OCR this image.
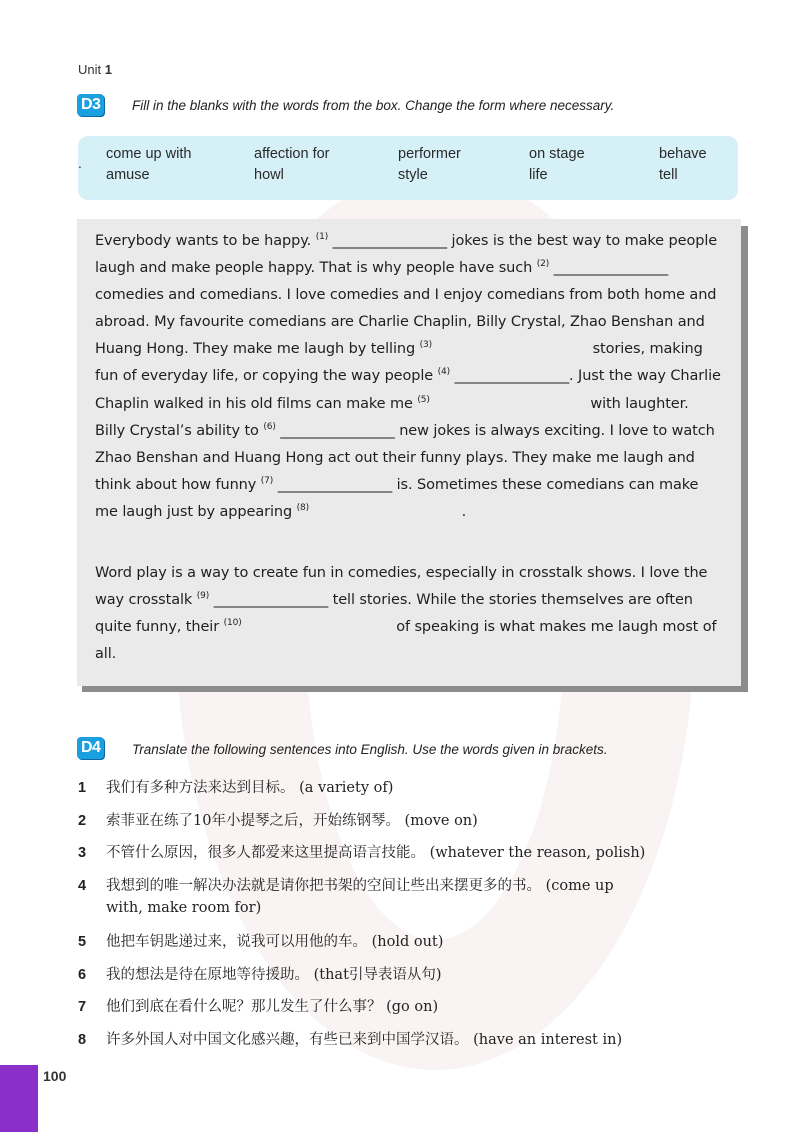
Unit 1
D3 Fill in the blanks with the words from the box. Change the form where necessary.
.
come up with	affection for	performer	on stage	behave
amuse	howl	style	life	tell

Everybody wants to be happy. $^{(1)}$ ________________ jokes is the best way to make people laugh and make people happy. That is why people have such $^{(2)}$ ________________ comedies and comedians. I love comedies and I enjoy comedians from both home and abroad. My favourite comedians are Charlie Chaplin, Billy Crystal, Zhao Benshan and Huang Hong. They make me laugh by telling $^{(3)}$	stories, making fun of everyday life, or copying the way people $^{(4)}$ ________________. Just the way Charlie Chaplin walked in his old films can make me $^{(5)}$	with laughter. Billy Crystal’s ability to $^{(6)}$ ________________ new jokes is always exciting. I love to watch Zhao Benshan and Huang Hong act out their funny plays. They make me laugh and think about how funny $^{(7)}$ ________________ is. Sometimes these comedians can make me laugh just by appearing $^{(8)}$	.

Word play is a way to create fun in comedies, especially in crosstalk shows. I love the way crosstalk $^{(9)}$ ________________ tell stories. While the stories themselves are often quite funny, their $^{(10)}$	of speaking is what makes me laugh most of all.

D4 Translate the following sentences into English. Use the words given in brackets.
1 我们有多种方法来达到目标。 (a variety of)
2 索菲亚在练了10年小提琴之后，开始练钢琴。 (move on)
3 不管什么原因，很多人都爱来这里提高语言技能。 (whatever the reason, polish)
4 我想到的唯一解决办法就是请你把书架的空间让些出来摆更多的书。 (come up
with, make room for)
5 他把车钥匙递过来，说我可以用他的车。 (hold out)
6 我的想法是待在原地等待援助。 (that引导表语从句)
7 他们到底在看什么呢？那儿发生了什么事？ (go on)
8 许多外国人对中国文化感兴趣，有些已来到中国学汉语。 (have an interest in)
100
